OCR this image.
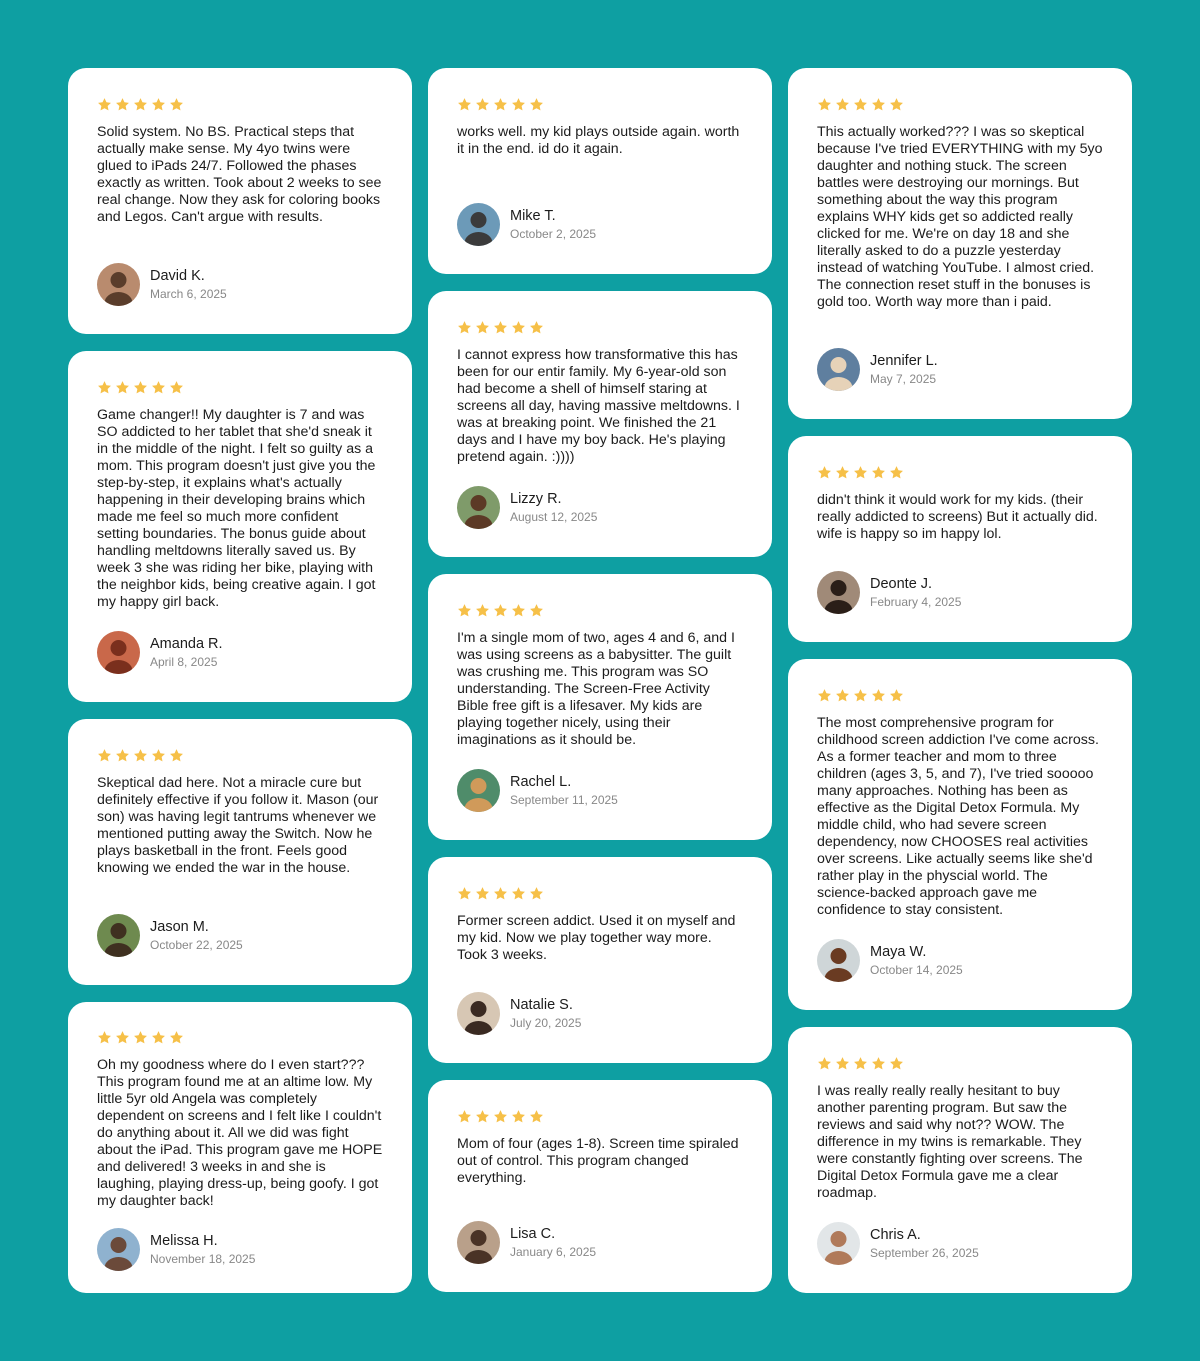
Solid system. No BS. Practical steps that actually make sense. My 4yo twins were glued to iPads 24/7. Followed the phases exactly as written. Took about 2 weeks to see real change. Now they ask for coloring books and Legos. Can't argue with results.
David K.
March 6, 2025
Game changer!! My daughter is 7 and was SO addicted to her tablet that she'd sneak it in the middle of the night. I felt so guilty as a mom. This program doesn't just give you the step-by-step, it explains what's actually happening in their developing brains which made me feel so much more confident setting boundaries. The bonus guide about handling meltdowns literally saved us. By week 3 she was riding her bike, playing with the neighbor kids, being creative again. I got my happy girl back.
Amanda R.
April 8, 2025
Skeptical dad here. Not a miracle cure but definitely effective if you follow it. Mason (our son) was having legit tantrums whenever we mentioned putting away the Switch. Now he plays basketball in the front. Feels good knowing we ended the war in the house.
Jason M.
October 22, 2025
Oh my goodness where do I even start??? This program found me at an altime low. My little 5yr old Angela was completely dependent on screens and I felt like I couldn't do anything about it. All we did was fight about the iPad. This program gave me HOPE and delivered! 3 weeks in and she is laughing, playing dress-up, being goofy. I got my daughter back!
Melissa H.
November 18, 2025
works well. my kid plays outside again. worth it in the end. id do it again.
Mike T.
October 2, 2025
I cannot express how transformative this has been for our entir family. My 6-year-old son had become a shell of himself staring at screens all day, having massive meltdowns. I was at breaking point. We finished the 21 days and I have my boy back. He's playing pretend again. :))))
Lizzy R.
August 12, 2025
I'm a single mom of two, ages 4 and 6, and I was using screens as a babysitter. The guilt was crushing me. This program was SO understanding. The Screen-Free Activity Bible free gift is a lifesaver. My kids are playing together nicely, using their imaginations as it should be.
Rachel L.
September 11, 2025
Former screen addict. Used it on myself and my kid. Now we play together way more. Took 3 weeks.
Natalie S.
July 20, 2025
Mom of four (ages 1-8). Screen time spiraled out of control. This program changed everything.
Lisa C.
January 6, 2025
This actually worked??? I was so skeptical because I've tried EVERYTHING with my 5yo daughter and nothing stuck. The screen battles were destroying our mornings. But something about the way this program explains WHY kids get so addicted really clicked for me. We're on day 18 and she literally asked to do a puzzle yesterday instead of watching YouTube. I almost cried. The connection reset stuff in the bonuses is gold too. Worth way more than i paid.
Jennifer L.
May 7, 2025
didn't think it would work for my kids. (their really addicted to screens) But it actually did. wife is happy so im happy lol.
Deonte J.
February 4, 2025
The most comprehensive program for childhood screen addiction I've come across. As a former teacher and mom to three children (ages 3, 5, and 7), I've tried sooooo many approaches. Nothing has been as effective as the Digital Detox Formula. My middle child, who had severe screen dependency, now CHOOSES real activities over screens. Like actually seems like she'd rather play in the physcial world. The science-backed approach gave me confidence to stay consistent.
Maya W.
October 14, 2025
I was really really really hesitant to buy another parenting program. But saw the reviews and said why not?? WOW. The difference in my twins is remarkable. They were constantly fighting over screens. The Digital Detox Formula gave me a clear roadmap.
Chris A.
September 26, 2025
